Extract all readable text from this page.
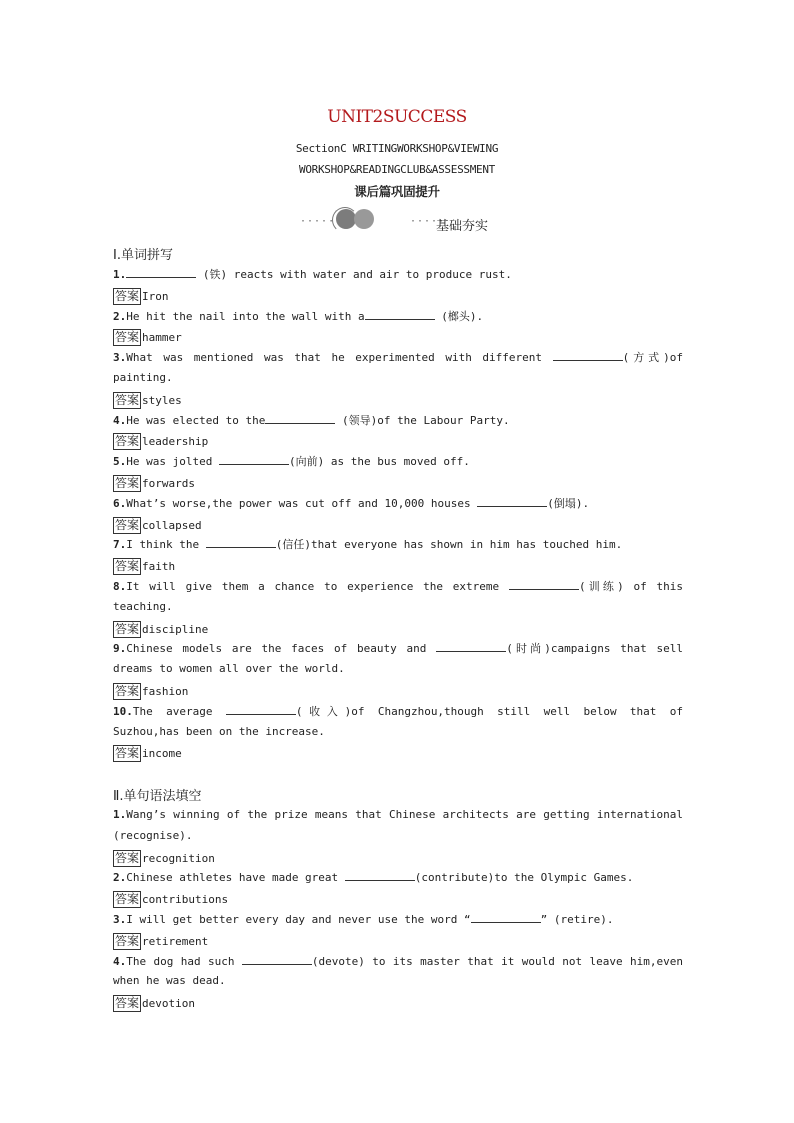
UNIT2SUCCESS
SectionC WRITINGWORKSHOP&VIEWING
WORKSHOP&READINGCLUB&ASSESSMENT
课后篇巩固提升
·····	·····
基础夯实
Ⅰ.单词拼写
1.	(铁) reacts with water and air to produce rust.
答案 Iron
2.He hit the nail into the wall with a	(榔头).
答案 hammer
3.What was mentioned was that he experimented with different	(方式)of
painting.
答案 styles
4.He was elected to the	(领导)of the Labour Party.
答案 leadership
5.He was jolted	(向前) as the bus moved off.
答案 forwards
6.What’s worse,the power was cut off and 10,000 houses	(倒塌).
答案 collapsed
7.I think the	(信任)that everyone has shown in him has touched him.
答案 faith
8.It will give them a chance to experience the extreme	(训练) of this
teaching.
答案 discipline
9.Chinese models are the faces of beauty and	(时尚)campaigns that sell
dreams to women all over the world.
答案 fashion
10.The average	(收入)of Changzhou,though still well below that of
Suzhou,has been on the increase.
答案 income
Ⅱ.单句语法填空
1.Wang’s winning of the prize means that Chinese architects are getting international
(recognise).
答案 recognition
2.Chinese athletes have made great	(contribute)to the Olympic Games.
答案 contributions
3.I will get better every day and never use the word “	” (retire).
答案 retirement
4.The dog had such	(devote) to its master that it would not leave him,even
when he was dead.
答案 devotion
